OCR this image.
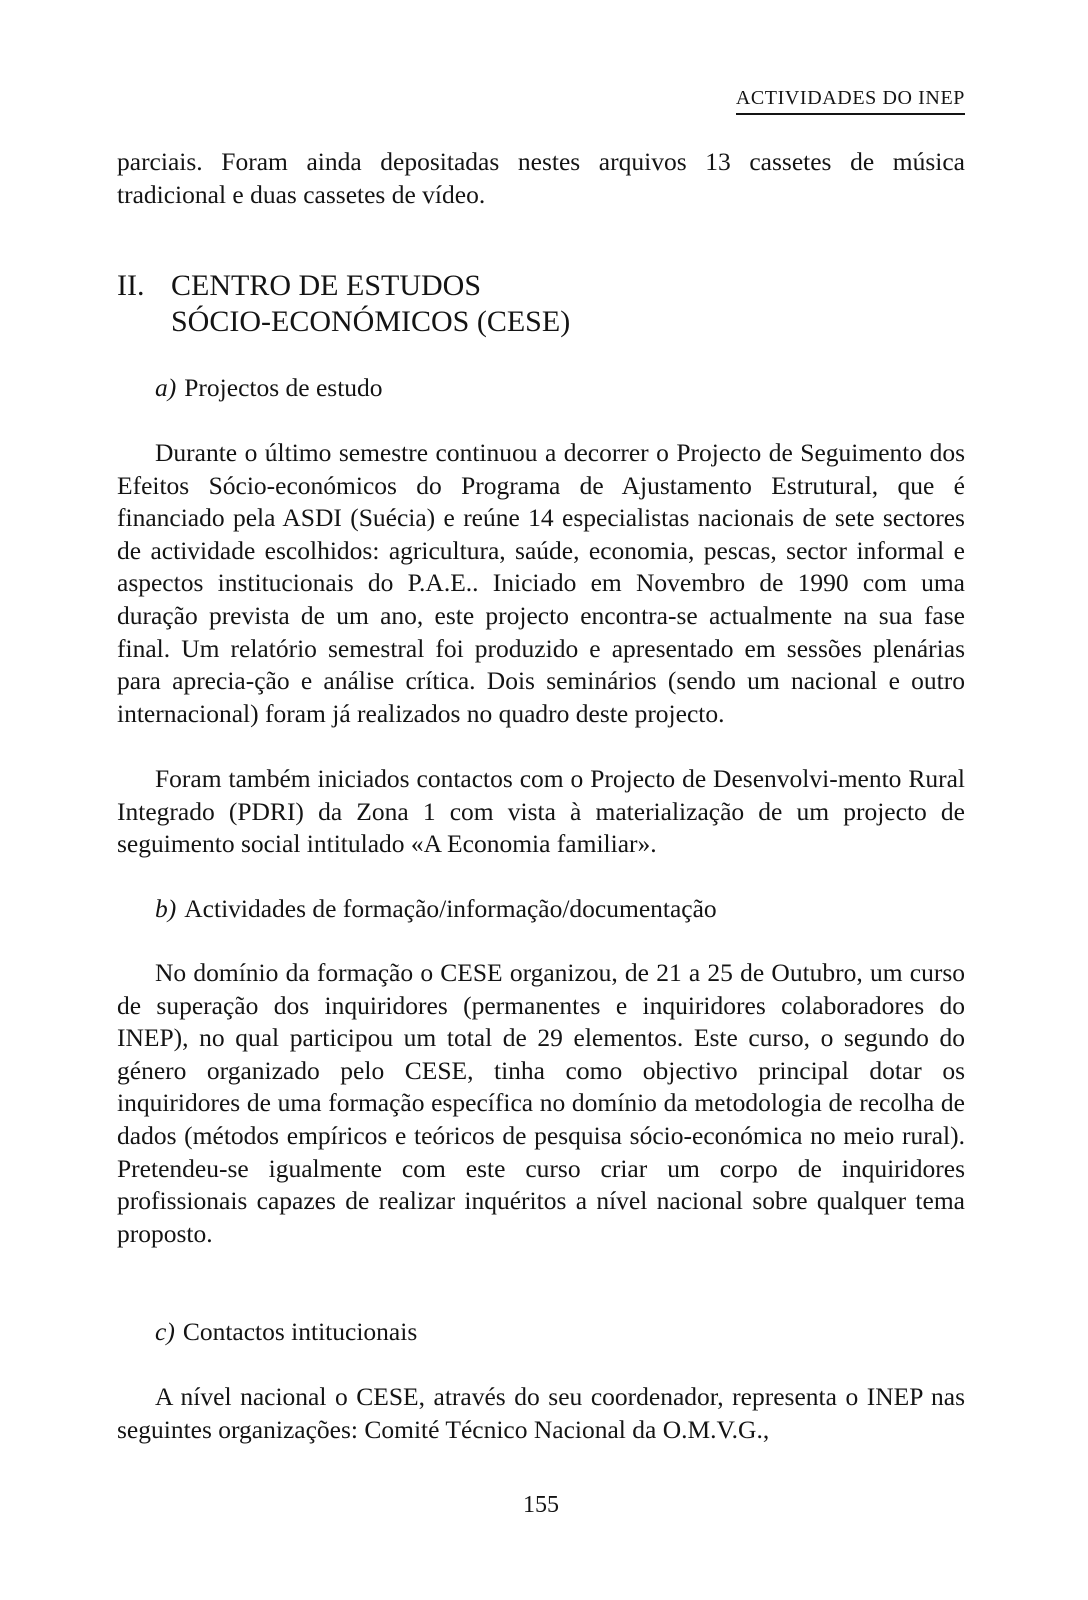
ACTIVIDADES DO INEP

parciais. Foram ainda depositadas nestes arquivos 13 cassetes de música tradicional e duas cassetes de vídeo.

II. CENTRO DE ESTUDOS
SÓCIO-ECONÓMICOS (CESE)
a) Projectos de estudo

Durante o último semestre continuou a decorrer o Projecto de Seguimento dos Efeitos Sócio-económicos do Programa de Ajustamento Estrutural, que é financiado pela ASDI (Suécia) e reúne 14 especialistas nacionais de sete sectores de actividade escolhidos: agricultura, saúde, economia, pescas, sector informal e aspectos institucionais do P.A.E.. Iniciado em Novembro de 1990 com uma duração prevista de um ano, este projecto encontra-se actualmente na sua fase final. Um relatório semestral foi produzido e apresentado em sessões plenárias para aprecia-ção e análise crítica. Dois seminários (sendo um nacional e outro internacional) foram já realizados no quadro deste projecto.

Foram também iniciados contactos com o Projecto de Desenvolvi-mento Rural Integrado (PDRI) da Zona 1 com vista à materialização de um projecto de seguimento social intitulado «A Economia familiar».

b) Actividades de formação/informação/documentação

No domínio da formação o CESE organizou, de 21 a 25 de Outubro, um curso de superação dos inquiridores (permanentes e inquiridores colaboradores do INEP), no qual participou um total de 29 elementos. Este curso, o segundo do género organizado pelo CESE, tinha como objectivo principal dotar os inquiridores de uma formação específica no domínio da metodologia de recolha de dados (métodos empíricos e teóricos de pesquisa sócio-económica no meio rural). Pretendeu-se igualmente com este curso criar um corpo de inquiridores profissionais capazes de realizar inquéritos a nível nacional sobre qualquer tema proposto.

c) Contactos intitucionais

A nível nacional o CESE, através do seu coordenador, representa o INEP nas seguintes organizações: Comité Técnico Nacional da O.M.V.G.,

155
